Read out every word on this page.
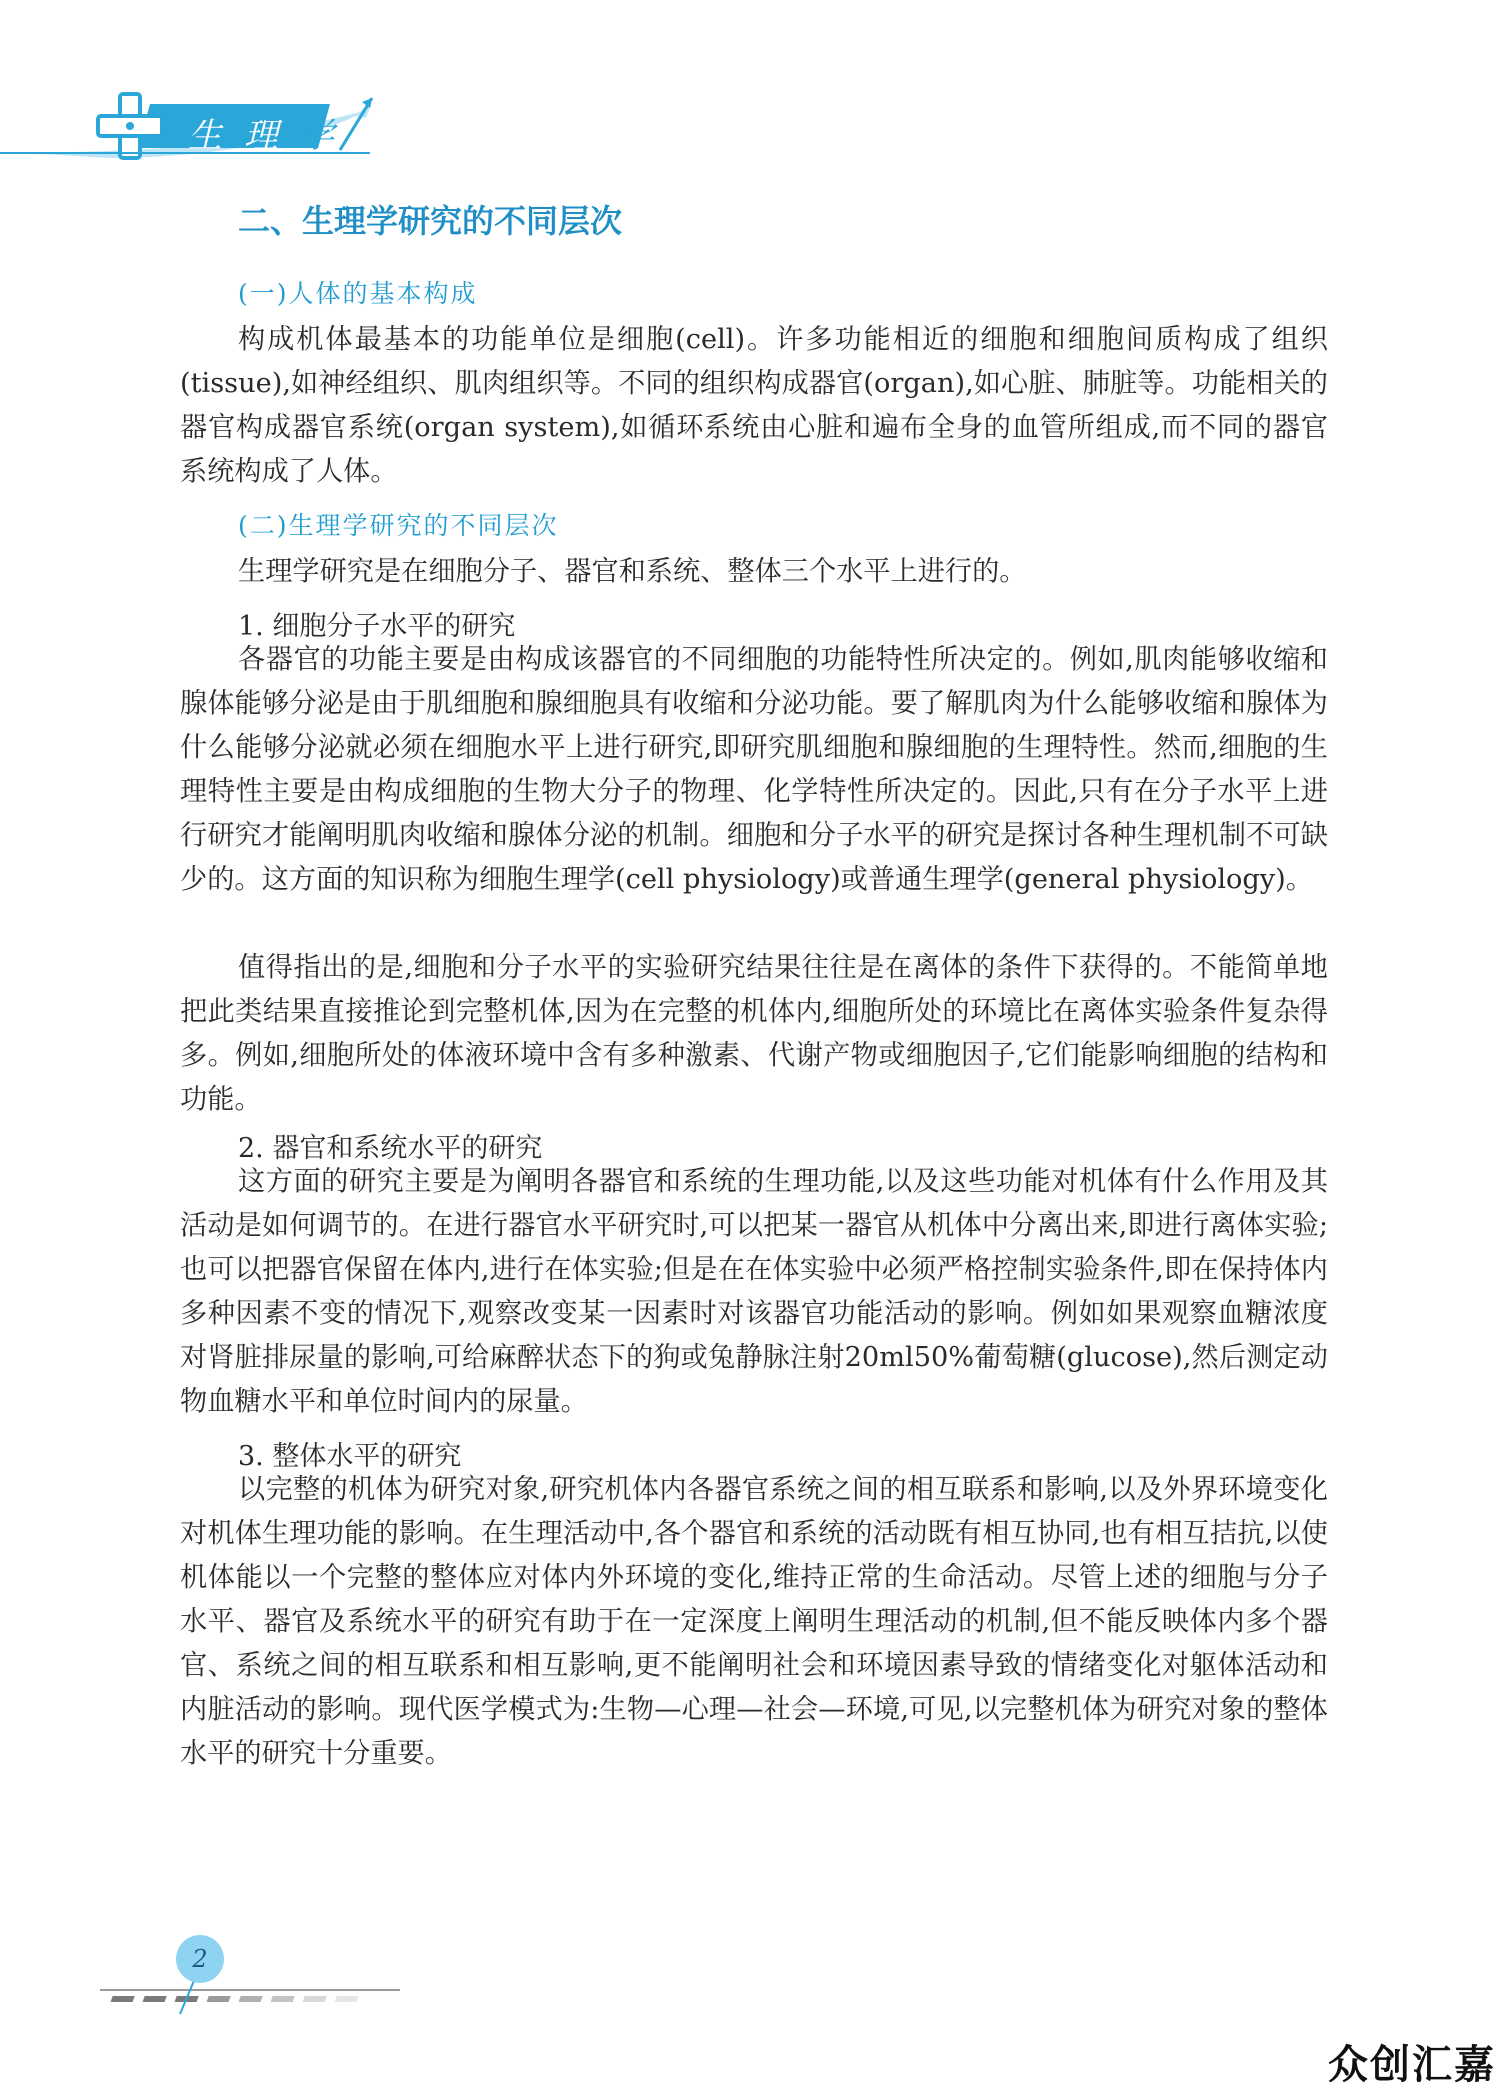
生理学
二、生理学研究的不同层次
(一)人体的基本构成

构成机体最基本的功能单位是细胞(cell)。许多功能相近的细胞和细胞间质构成了组织(tissue),如神经组织、肌肉组织等。不同的组织构成器官(organ),如心脏、肺脏等。功能相关的器官构成器官系统(organ system),如循环系统由心脏和遍布全身的血管所组成,而不同的器官系统构成了人体。

(二)生理学研究的不同层次

生理学研究是在细胞分子、器官和系统、整体三个水平上进行的。

1. 细胞分子水平的研究

各器官的功能主要是由构成该器官的不同细胞的功能特性所决定的。例如,肌肉能够收缩和腺体能够分泌是由于肌细胞和腺细胞具有收缩和分泌功能。要了解肌肉为什么能够收缩和腺体为什么能够分泌就必须在细胞水平上进行研究,即研究肌细胞和腺细胞的生理特性。然而,细胞的生理特性主要是由构成细胞的生物大分子的物理、化学特性所决定的。因此,只有在分子水平上进行研究才能阐明肌肉收缩和腺体分泌的机制。细胞和分子水平的研究是探讨各种生理机制不可缺少的。这方面的知识称为细胞生理学(cell physiology)或普通生理学(general physiology)。

值得指出的是,细胞和分子水平的实验研究结果往往是在离体的条件下获得的。不能简单地把此类结果直接推论到完整机体,因为在完整的机体内,细胞所处的环境比在离体实验条件复杂得多。例如,细胞所处的体液环境中含有多种激素、代谢产物或细胞因子,它们能影响细胞的结构和功能。

2. 器官和系统水平的研究

这方面的研究主要是为阐明各器官和系统的生理功能,以及这些功能对机体有什么作用及其活动是如何调节的。在进行器官水平研究时,可以把某一器官从机体中分离出来,即进行离体实验;也可以把器官保留在体内,进行在体实验;但是在在体实验中必须严格控制实验条件,即在保持体内多种因素不变的情况下,观察改变某一因素时对该器官功能活动的影响。例如如果观察血糖浓度对肾脏排尿量的影响,可给麻醉状态下的狗或兔静脉注射20ml50%葡萄糖(glucose),然后测定动物血糖水平和单位时间内的尿量。

3. 整体水平的研究

以完整的机体为研究对象,研究机体内各器官系统之间的相互联系和影响,以及外界环境变化对机体生理功能的影响。在生理活动中,各个器官和系统的活动既有相互协同,也有相互拮抗,以使机体能以一个完整的整体应对体内外环境的变化,维持正常的生命活动。尽管上述的细胞与分子水平、器官及系统水平的研究有助于在一定深度上阐明生理活动的机制,但不能反映体内多个器官、系统之间的相互联系和相互影响,更不能阐明社会和环境因素导致的情绪变化对躯体活动和内脏活动的影响。现代医学模式为:生物—心理—社会—环境,可见,以完整机体为研究对象的整体水平的研究十分重要。

2
众创汇嘉
